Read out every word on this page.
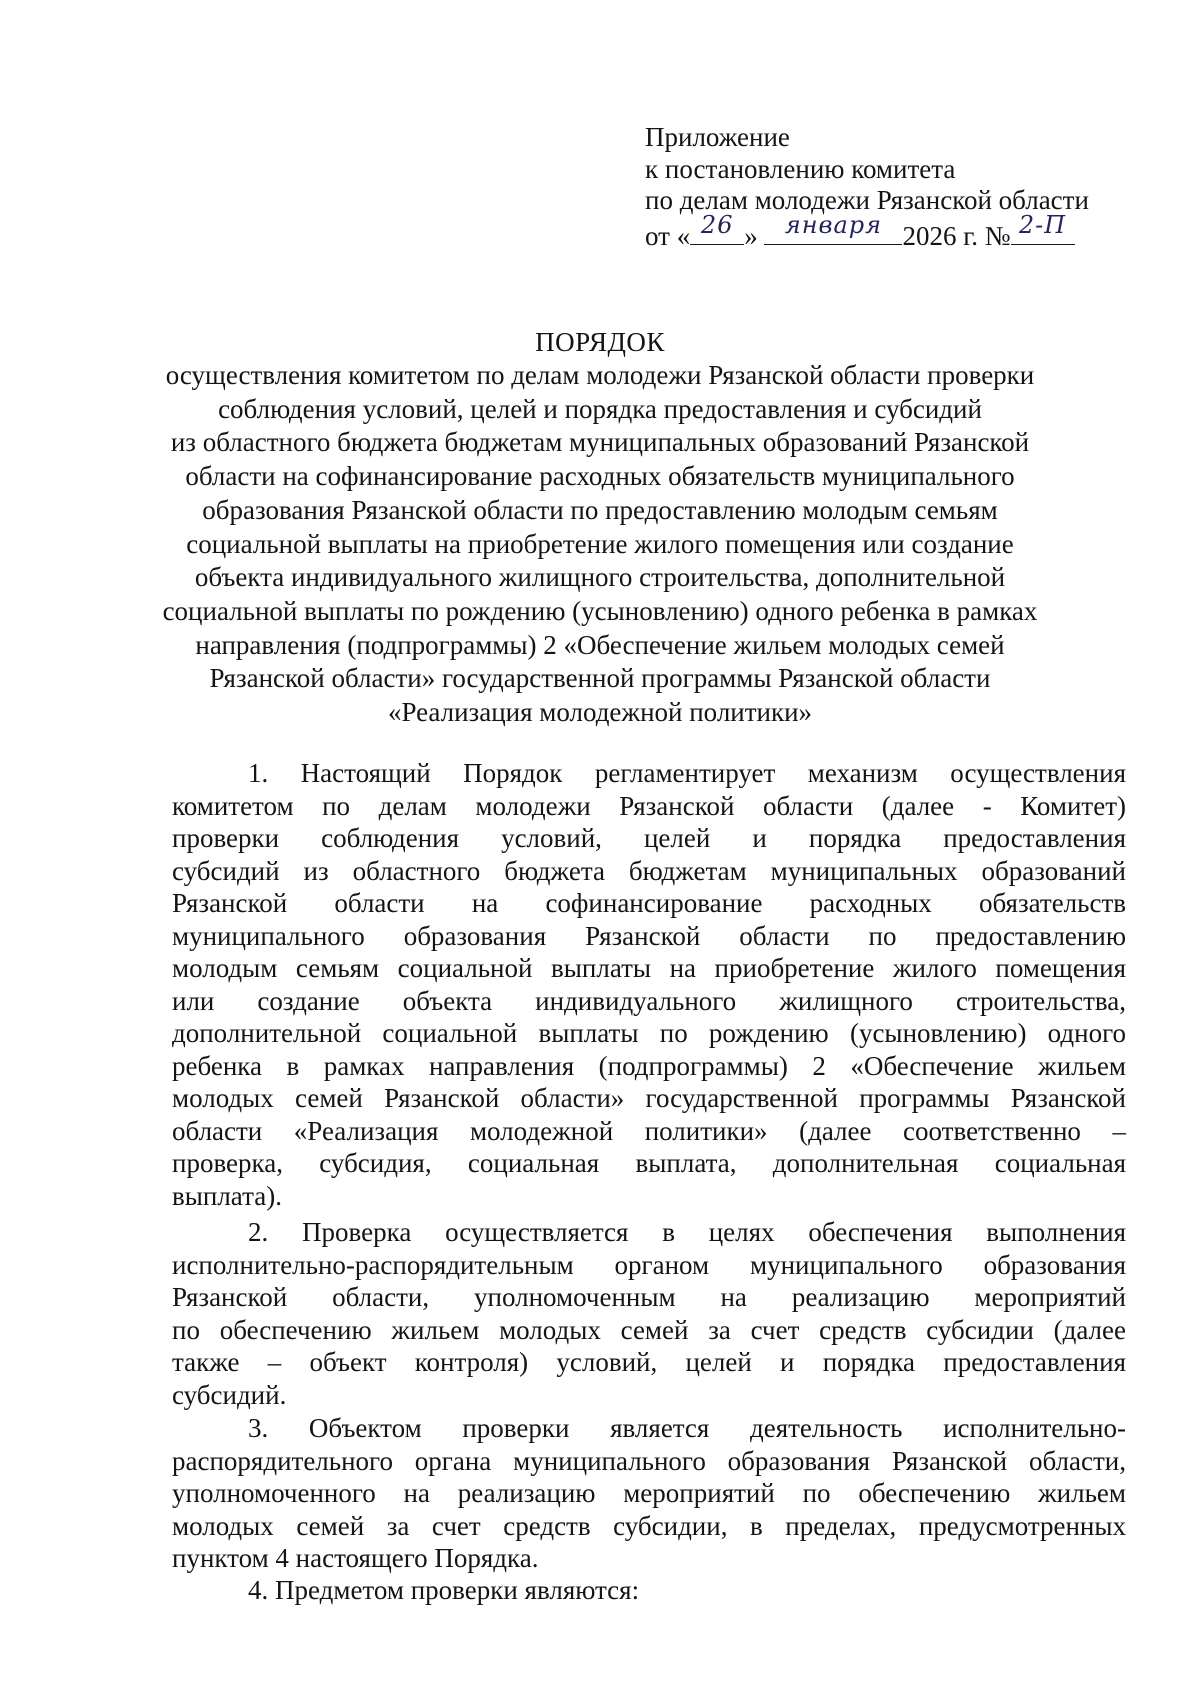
Приложение
к постановлению комитета
по делам молодежи Рязанской области
от « 26 »	января 2026 г. № 2-П
ПОРЯДОК
осуществления комитетом по делам молодежи Рязанской области проверки
соблюдения условий, целей и порядка предоставления и субсидий
из областного бюджета бюджетам муниципальных образований Рязанской
области на софинансирование расходных обязательств муниципального
образования Рязанской области по предоставлению молодым семьям
социальной выплаты на приобретение жилого помещения или создание
объекта индивидуального жилищного строительства, дополнительной
социальной выплаты по рождению (усыновлению) одного ребенка в рамках
направления (подпрограммы) 2 «Обеспечение жильем молодых семей
Рязанской области» государственной программы Рязанской области
«Реализация молодежной политики»
1. Настоящий Порядок регламентирует механизм осуществления
комитетом по делам молодежи Рязанской области (далее - Комитет)
проверки соблюдения условий, целей и порядка предоставления
субсидий из областного бюджета бюджетам муниципальных образований
Рязанской области на софинансирование расходных обязательств
муниципального образования Рязанской области по предоставлению
молодым семьям социальной выплаты на приобретение жилого помещения
или создание объекта индивидуального жилищного строительства,
дополнительной социальной выплаты по рождению (усыновлению) одного
ребенка в рамках направления (подпрограммы) 2 «Обеспечение жильем
молодых семей Рязанской области» государственной программы Рязанской
области «Реализация молодежной политики» (далее соответственно –
проверка, субсидия, социальная выплата, дополнительная социальная
выплата).
2. Проверка осуществляется в целях обеспечения выполнения
исполнительно-распорядительным органом муниципального образования
Рязанской области, уполномоченным на реализацию мероприятий
по обеспечению жильем молодых семей за счет средств субсидии (далее
также – объект контроля) условий, целей и порядка предоставления
субсидий.
3. Объектом проверки является деятельность исполнительно-
распорядительного органа муниципального образования Рязанской области,
уполномоченного на реализацию мероприятий по обеспечению жильем
молодых семей за счет средств субсидии, в пределах, предусмотренных
пунктом 4 настоящего Порядка.
4. Предметом проверки являются:
